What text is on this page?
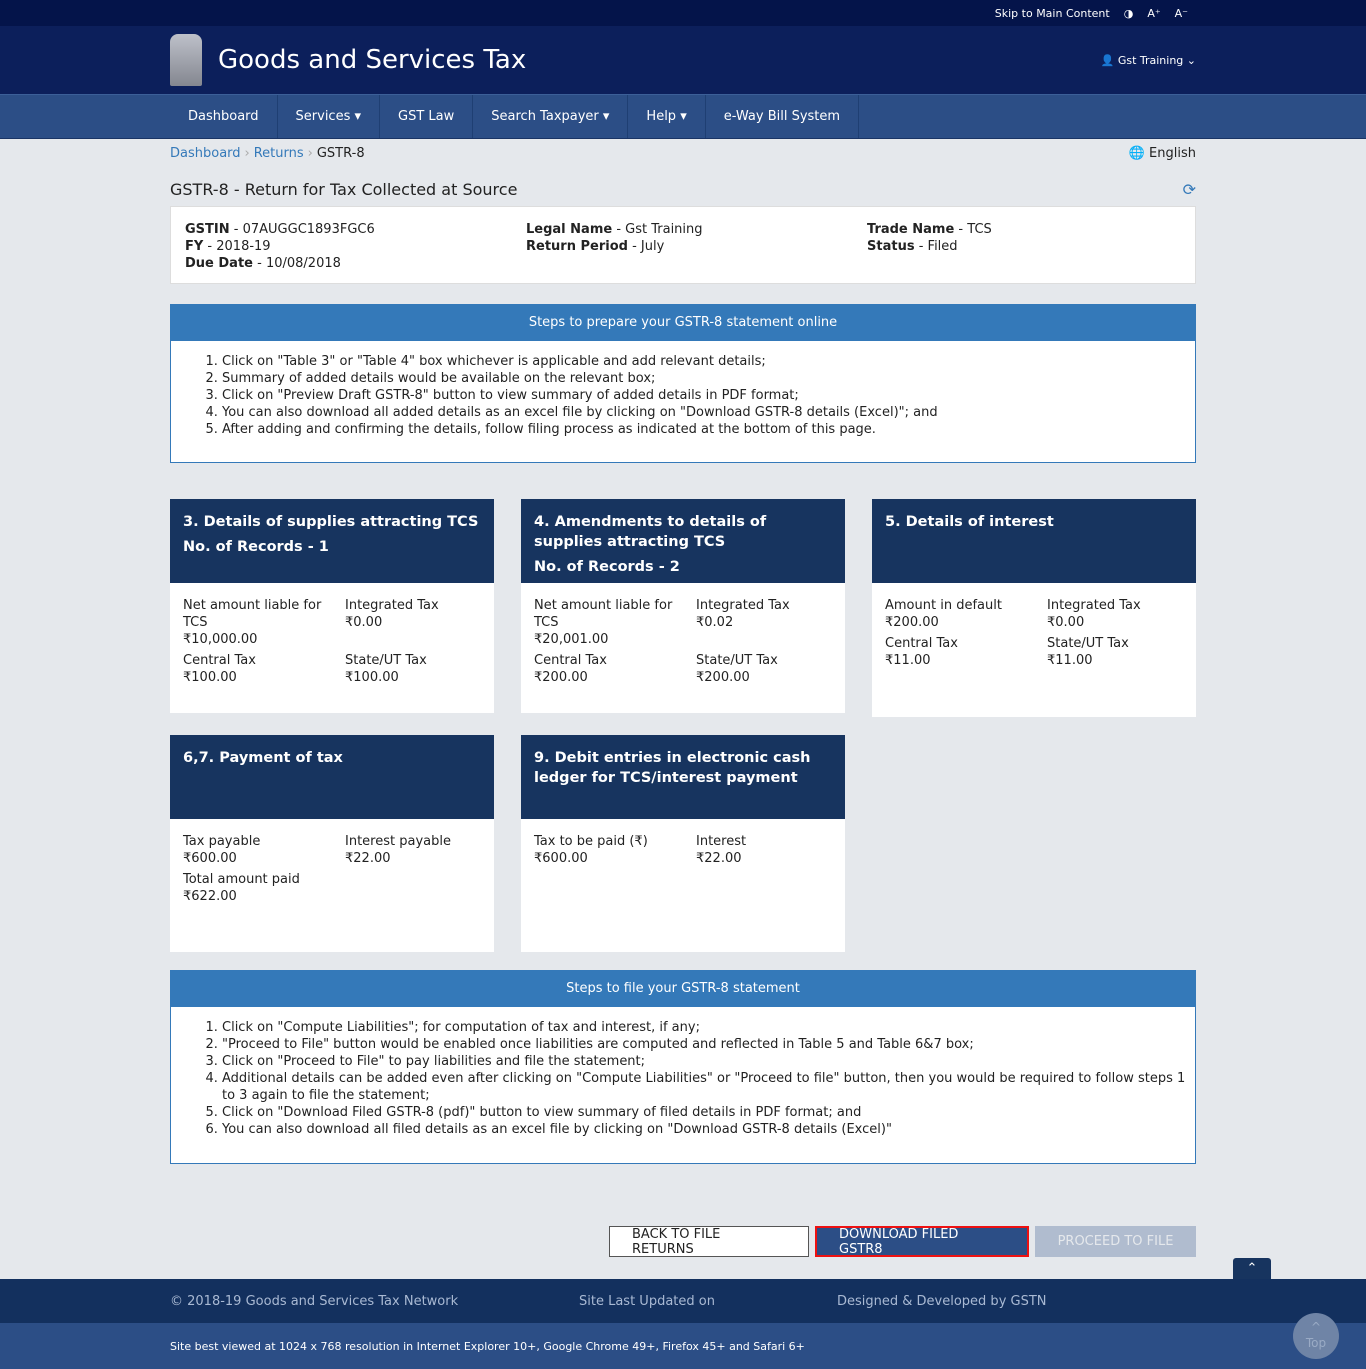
Skip to Main Content ◑ A⁺ A⁻
Goods and Services Tax	👤 Gst Training ⌄
Dashboard	Services ▾	GST Law	Search Taxpayer ▾	Help ▾	e-Way Bill System
Dashboard › Returns › GSTR-8	🌐 English
GSTR-8 - Return for Tax Collected at Source	⟳
GSTIN - 07AUGGC1893FGC6
FY - 2018-19
Due Date - 10/08/2018
Legal Name - Gst Training
Return Period - July
Trade Name - TCS
Status - Filed
Steps to prepare your GSTR-8 statement online
1. Click on "Table 3" or "Table 4" box whichever is applicable and add relevant details;
2. Summary of added details would be available on the relevant box;
3. Click on "Preview Draft GSTR-8" button to view summary of added details in PDF format;
4. You can also download all added details as an excel file by clicking on "Download GSTR-8 details (Excel)"; and
5. After adding and confirming the details, follow filing process as indicated at the bottom of this page.
3. Details of supplies attracting TCS
No. of Records - 1
Net amount liable for TCS
₹10,000.00
Integrated Tax
₹0.00
Central Tax
₹100.00
State/UT Tax
₹100.00
4. Amendments to details of supplies attracting TCS
No. of Records - 2
Net amount liable for TCS
₹20,001.00
Integrated Tax
₹0.02
Central Tax
₹200.00
State/UT Tax
₹200.00
5. Details of interest
Amount in default
₹200.00
Integrated Tax
₹0.00
Central Tax
₹11.00
State/UT Tax
₹11.00
6,7. Payment of tax
Tax payable
₹600.00
Interest payable
₹22.00
Total amount paid
₹622.00
9. Debit entries in electronic cash ledger for TCS/interest payment
Tax to be paid (₹)
₹600.00
Interest
₹22.00
Steps to file your GSTR-8 statement
1. Click on "Compute Liabilities"; for computation of tax and interest, if any;
2. "Proceed to File" button would be enabled once liabilities are computed and reflected in Table 5 and Table 6&7 box;
3. Click on "Proceed to File" to pay liabilities and file the statement;
4. Additional details can be added even after clicking on "Compute Liabilities" or "Proceed to file" button, then you would be required to follow steps 1 to 3 again to file the statement;
5. Click on "Download Filed GSTR-8 (pdf)" button to view summary of filed details in PDF format; and
6. You can also download all filed details as an excel file by clicking on "Download GSTR-8 details (Excel)"
BACK TO FILE RETURNS
DOWNLOAD FILED GSTR8	PROCEED TO FILE
⌃
© 2018-19 Goods and Services Tax Network	Site Last Updated on	Designed & Developed by GSTN
Site best viewed at 1024 x 768 resolution in Internet Explorer 10+, Google Chrome 49+, Firefox 45+ and Safari 6+
^
Top
